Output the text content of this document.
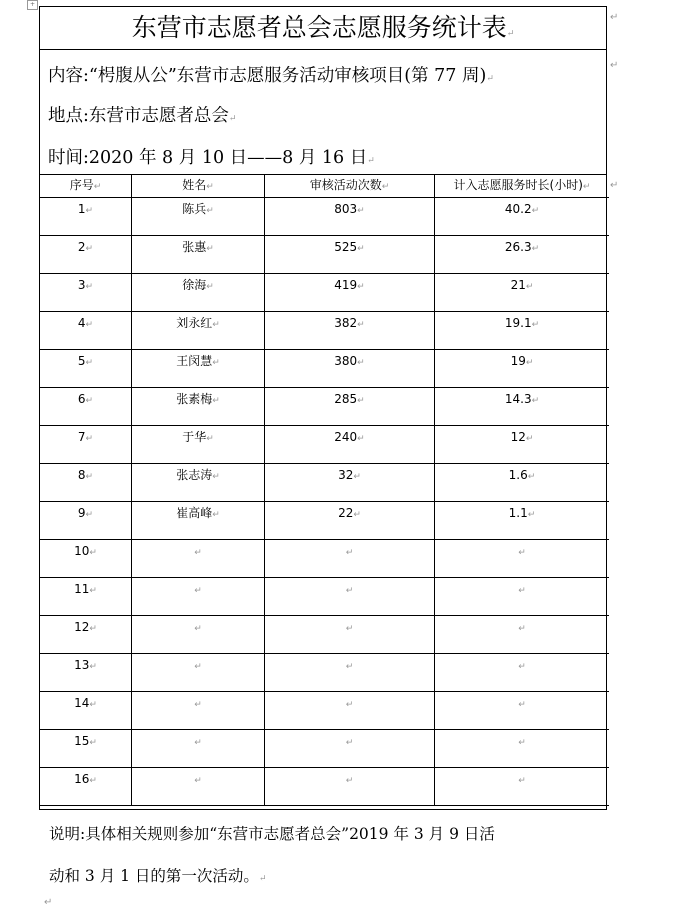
+
东营市志愿者总会志愿服务统计表↵
内容:“枵腹从公”东营市志愿服务活动审核项目(第 77 周)↵
地点:东营市志愿者总会↵
时间:2020 年 8 月 10 日——8 月 16 日↵
序号↵	姓名↵	审核活动次数↵	计入志愿服务时长(小时)↵
1↵	陈兵↵	803↵	40.2↵
2↵	张惠↵	525↵	26.3↵
3↵	徐海↵	419↵	21↵
4↵	刘永红↵	382↵	19.1↵
5↵	王闵慧↵	380↵	19↵
6↵	张素梅↵	285↵	14.3↵
7↵	于华↵	240↵	12↵
8↵	张志涛↵	32↵	1.6↵
9↵	崔高峰↵	22↵	1.1↵
10↵	↵	↵	↵
11↵	↵	↵	↵
12↵	↵	↵	↵
13↵	↵	↵	↵
14↵	↵	↵	↵
15↵	↵	↵	↵
16↵	↵	↵	↵
↵
↵
↵
说明:具体相关规则参加“东营市志愿者总会”2019 年 3 月 9 日活
动和 3 月 1 日的第一次活动。↵
↵
